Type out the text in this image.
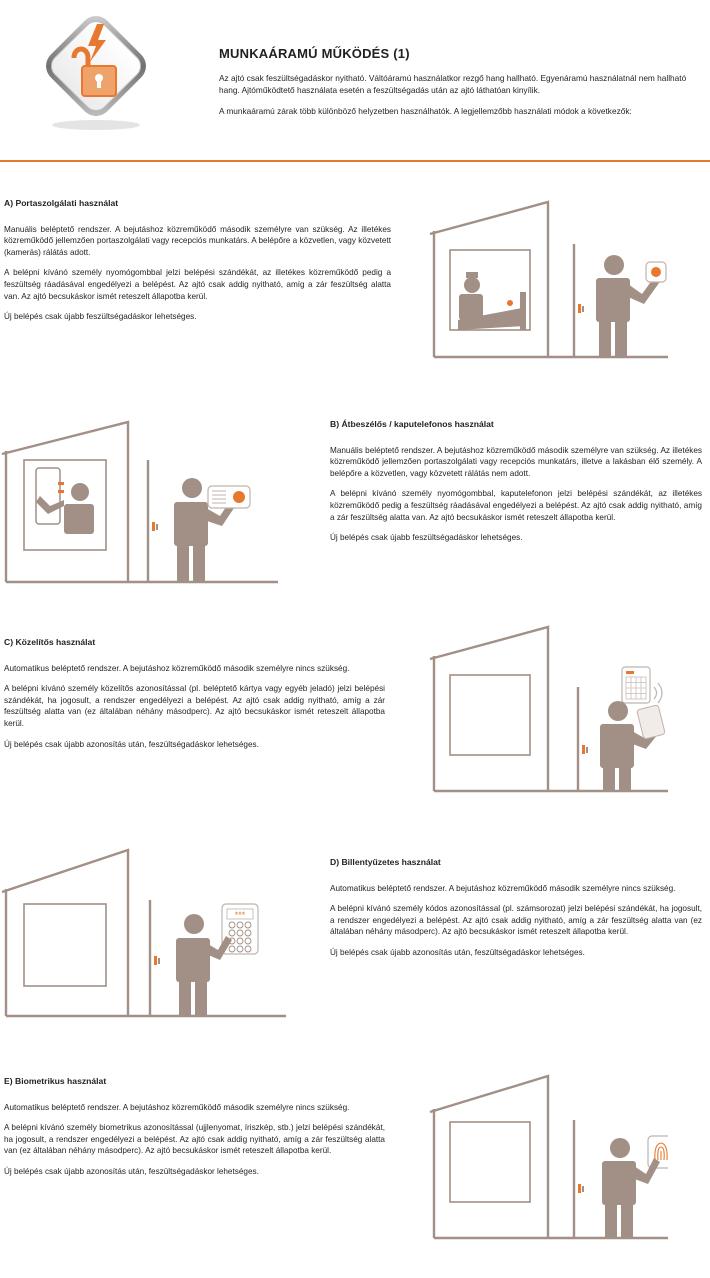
MUNKAÁRAMÚ MŰKÖDÉS (1)

Az ajtó csak feszültségadáskor nyitható. Váltóáramú használatkor rezgő hang hallható. Egyenáramú használatnál nem hallható hang. Ajtóműködtető használata esetén a feszültségadás után az ajtó láthatóan kinyílik.

A munkaáramú zárak több különböző helyzetben használhatók. A legjellemzőbb használati módok a következők:

A) Portaszolgálati használat

Manuális beléptető rendszer. A bejutáshoz közreműködő második személyre van szükség. Az illetékes közreműködő jellemzően portaszolgálati vagy recepciós munkatárs. A belépőre a közvetlen, vagy közvetett (kamerás) rálátás adott.

A belépni kívánó személy nyomógombbal jelzi belépési szándékát, az illetékes közreműködő pedig a feszültség ráadásával engedélyezi a belépést. Az ajtó csak addig nyitható, amíg a zár feszültség alatta van. Az ajtó becsukáskor ismét reteszelt állapotba kerül.

Új belépés csak újabb feszültségadáskor lehetséges.

B) Átbeszélős / kaputelefonos használat

Manuális beléptető rendszer. A bejutáshoz közreműködő második személyre van szükség. Az illetékes közreműködő jellemzően portaszolgálati vagy recepciós munkatárs, illetve a lakásban élő személy. A belépőre a közvetlen, vagy közvetett rálátás nem adott.

A belépni kívánó személy nyomógombbal, kaputelefonon jelzi belépési szándékát, az illetékes közreműködő pedig a feszültség ráadásával engedélyezi a belépést. Az ajtó csak addig nyitható, amíg a zár feszültség alatta van. Az ajtó becsukáskor ismét reteszelt állapotba kerül.

Új belépés csak újabb feszültségadáskor lehetséges.

C) Közelítős használat

Automatikus beléptető rendszer. A bejutáshoz közreműködő második személyre nincs szükség.

A belépni kívánó személy közelítős azonosítással (pl. beléptető kártya vagy egyéb jeladó) jelzi belépési szándékát, ha jogosult, a rendszer engedélyezi a belépést. Az ajtó csak addig nyitható, amíg a zár feszültség alatta van (ez általában néhány másodperc). Az ajtó becsukáskor ismét reteszelt állapotba kerül.

Új belépés csak újabb azonosítás után, feszültségadáskor lehetséges.

***
D) Billentyűzetes használat

Automatikus beléptető rendszer. A bejutáshoz közreműködő második személyre nincs szükség.

A belépni kívánó személy kódos azonosítással (pl. számsorozat) jelzi belépési szándékát, ha jogosult, a rendszer engedélyezi a belépést. Az ajtó csak addig nyitható, amíg a zár feszültség alatta van (ez általában néhány másodperc). Az ajtó becsukáskor ismét reteszelt állapotba kerül.

Új belépés csak újabb azonosítás után, feszültségadáskor lehetséges.

E) Biometrikus használat

Automatikus beléptető rendszer. A bejutáshoz közreműködő második személyre nincs szükség.

A belépni kívánó személy biometrikus azonosítással (ujjlenyomat, íriszkép, stb.) jelzi belépési szándékát, ha jogosult, a rendszer engedélyezi a belépést. Az ajtó csak addig nyitható, amíg a zár feszültség alatta van (ez általában néhány másodperc). Az ajtó becsukáskor ismét reteszelt állapotba kerül.

Új belépés csak újabb azonosítás után, feszültségadáskor lehetséges.
